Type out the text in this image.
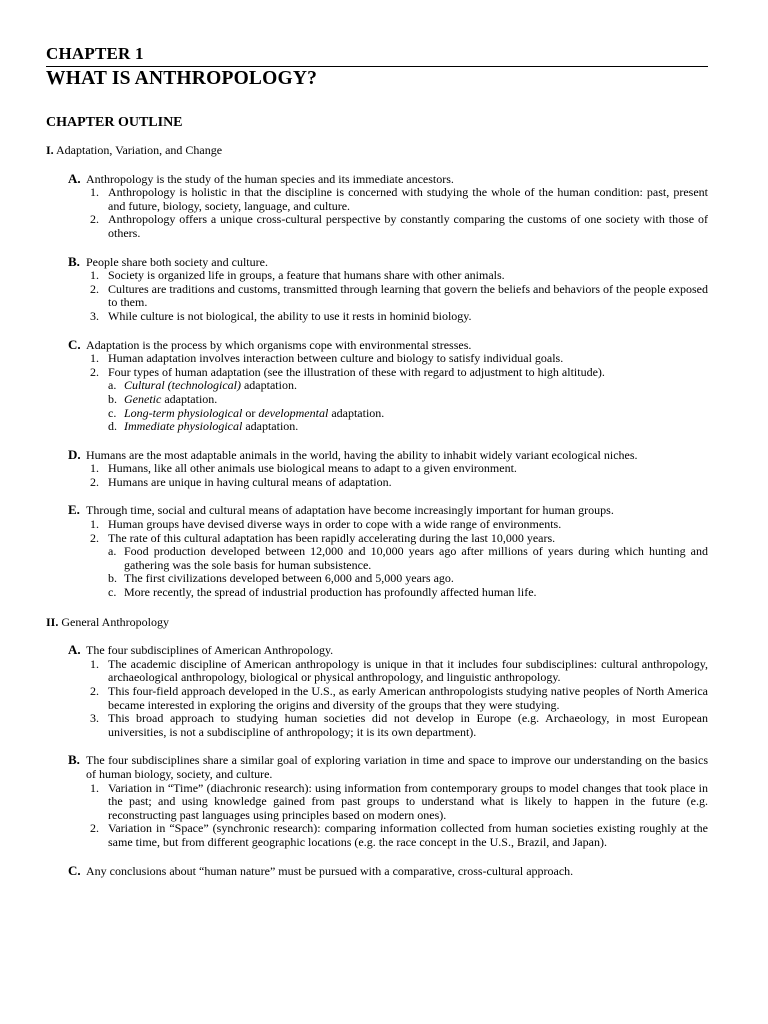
CHAPTER 1
WHAT IS ANTHROPOLOGY?
CHAPTER OUTLINE
I. Adaptation, Variation, and Change
A. Anthropology is the study of the human species and its immediate ancestors.
1. Anthropology is holistic in that the discipline is concerned with studying the whole of the human condition: past, present and future, biology, society, language, and culture.
2. Anthropology offers a unique cross-cultural perspective by constantly comparing the customs of one society with those of others.
B. People share both society and culture.
1. Society is organized life in groups, a feature that humans share with other animals.
2. Cultures are traditions and customs, transmitted through learning that govern the beliefs and behaviors of the people exposed to them.
3. While culture is not biological, the ability to use it rests in hominid biology.
C. Adaptation is the process by which organisms cope with environmental stresses.
1. Human adaptation involves interaction between culture and biology to satisfy individual goals.
2. Four types of human adaptation (see the illustration of these with regard to adjustment to high altitude).
a. Cultural (technological) adaptation.
b. Genetic adaptation.
c. Long-term physiological or developmental adaptation.
d. Immediate physiological adaptation.
D. Humans are the most adaptable animals in the world, having the ability to inhabit widely variant ecological niches.
1. Humans, like all other animals use biological means to adapt to a given environment.
2. Humans are unique in having cultural means of adaptation.
E. Through time, social and cultural means of adaptation have become increasingly important for human groups.
1. Human groups have devised diverse ways in order to cope with a wide range of environments.
2. The rate of this cultural adaptation has been rapidly accelerating during the last 10,000 years.
a. Food production developed between 12,000 and 10,000 years ago after millions of years during which hunting and gathering was the sole basis for human subsistence.
b. The first civilizations developed between 6,000 and 5,000 years ago.
c. More recently, the spread of industrial production has profoundly affected human life.
II. General Anthropology
A. The four subdisciplines of American Anthropology.
1. The academic discipline of American anthropology is unique in that it includes four subdisciplines: cultural anthropology, archaeological anthropology, biological or physical anthropology, and linguistic anthropology.
2. This four-field approach developed in the U.S., as early American anthropologists studying native peoples of North America became interested in exploring the origins and diversity of the groups that they were studying.
3. This broad approach to studying human societies did not develop in Europe (e.g. Archaeology, in most European universities, is not a subdiscipline of anthropology; it is its own department).
B. The four subdisciplines share a similar goal of exploring variation in time and space to improve our understanding on the basics of human biology, society, and culture.
1. Variation in “Time” (diachronic research): using information from contemporary groups to model changes that took place in the past; and using knowledge gained from past groups to understand what is likely to happen in the future (e.g. reconstructing past languages using principles based on modern ones).
2. Variation in “Space” (synchronic research): comparing information collected from human societies existing roughly at the same time, but from different geographic locations (e.g. the race concept in the U.S., Brazil, and Japan).
C. Any conclusions about “human nature” must be pursued with a comparative, cross-cultural approach.
